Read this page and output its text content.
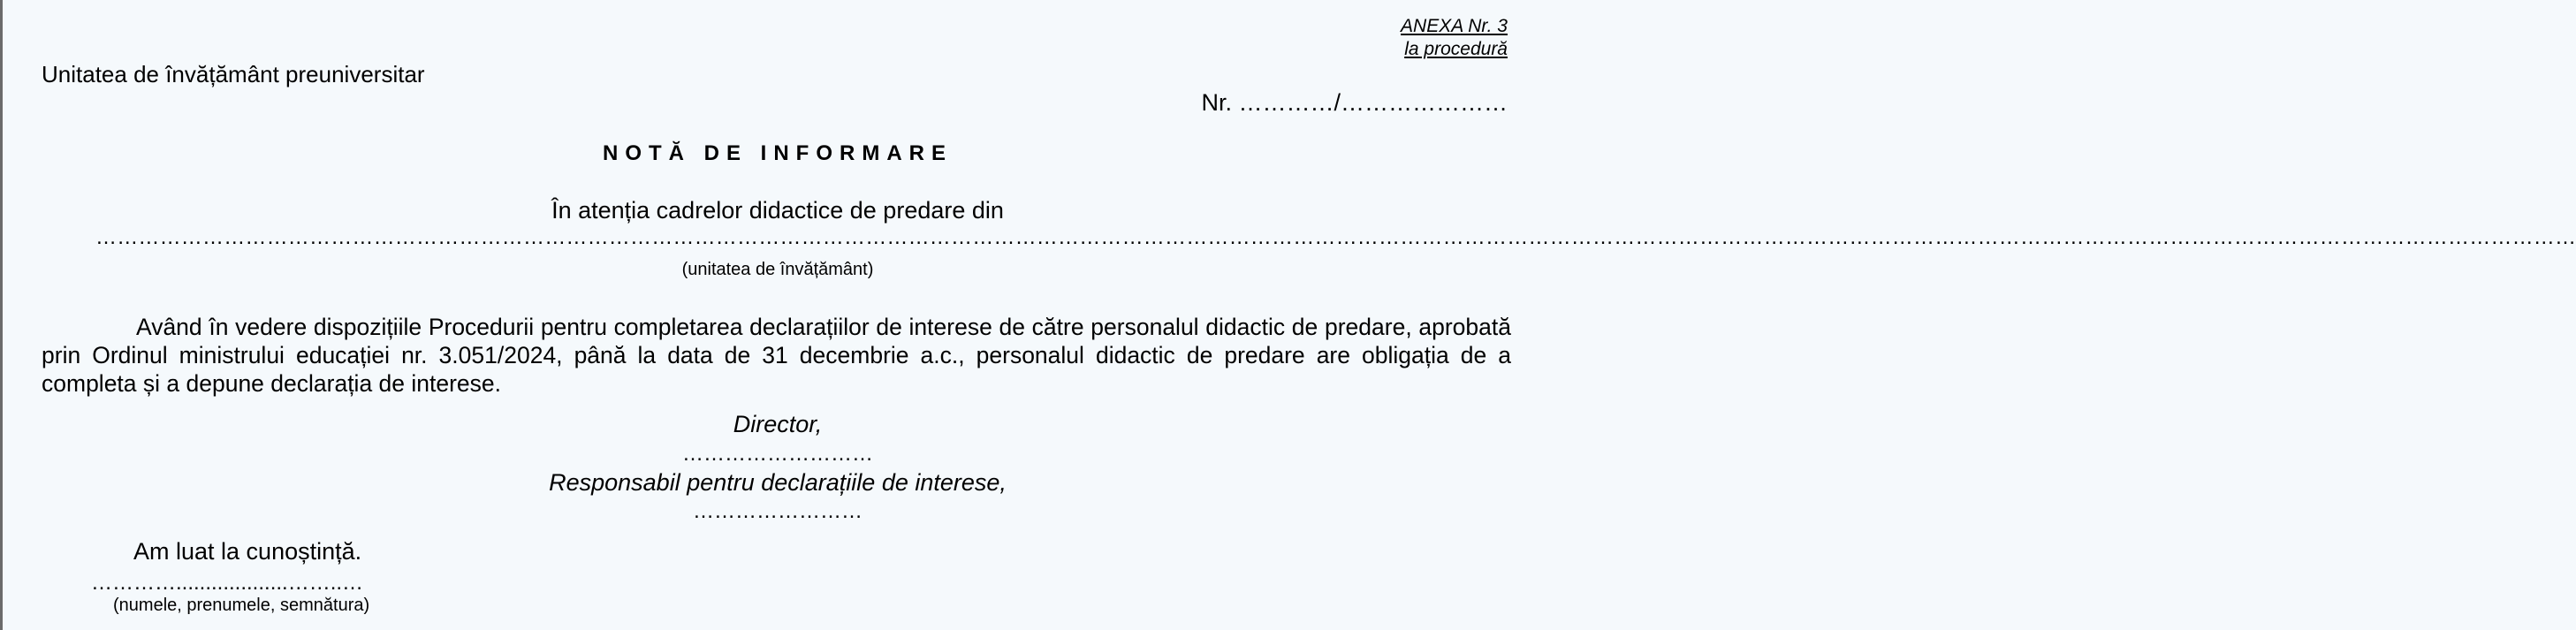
ANEXA Nr. 3
la procedură
Unitatea de învățământ preuniversitar
Nr. …………/…………………
NOTĂ DE INFORMARE
În atenția cadrelor didactice de predare din
……………………………………………………………………………………………………………………………………………………………………………………………………………………………………………………………………………………………………………………
(unitatea de învățământ)

Având în vedere dispozițiile Procedurii pentru completarea declarațiilor de interese de către personalul didactic de predare, aprobată prin Ordinul ministrului educației nr. 3.051/2024, până la data de 31 decembrie a.c., personalul didactic de predare are obligația de a completa și a depune declarația de interese.

Director,
………………………
Responsabil pentru declarațiile de interese,
……………………
Am luat la cunoștință.
…………...................……..…
(numele, prenumele, semnătura)
